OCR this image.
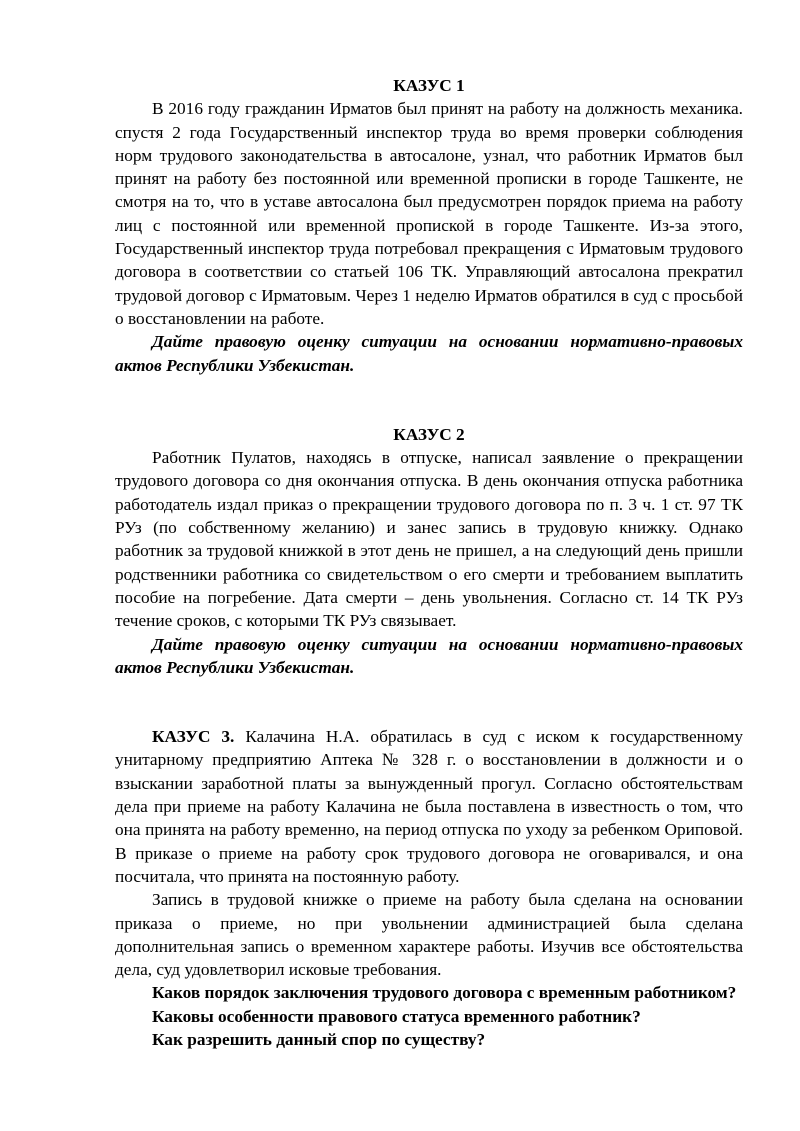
КАЗУС 1

В 2016 году гражданин Ирматов был принят на работу на должность механика. спустя 2 года Государственный инспектор труда во время проверки соблюдения норм трудового законодательства в автосалоне, узнал, что работник Ирматов был принят на работу без постоянной или временной прописки в городе Ташкенте, не смотря на то, что в уставе автосалона был предусмотрен порядок приема на работу лиц с постоянной или временной пропиской в городе Ташкенте. Из-за этого, Государственный инспектор труда потребовал прекращения с Ирматовым трудового договора в соответствии со статьей 106 ТК. Управляющий автосалона прекратил трудовой договор с Ирматовым. Через 1 неделю Ирматов обратился в суд с просьбой о восстановлении на работе.

Дайте правовую оценку ситуации на основании нормативно-правовых актов Республики Узбекистан.

КАЗУС 2

Работник Пулатов, находясь в отпуске, написал заявление о прекращении трудового договора со дня окончания отпуска. В день окончания отпуска работника работодатель издал приказ о прекращении трудового договора по п. 3 ч. 1 ст. 97 ТК РУз (по собственному желанию) и занес запись в трудовую книжку. Однако работник за трудовой книжкой в этот день не пришел, а на следующий день пришли родственники работника со свидетельством о его смерти и требованием выплатить пособие на погребение. Дата смерти – день увольнения. Согласно ст. 14 ТК РУз течение сроков, с которыми ТК РУз связывает.

Дайте правовую оценку ситуации на основании нормативно-правовых актов Республики Узбекистан.

КАЗУС 3. Калачина Н.А. обратилась в суд с иском к государственному унитарному предприятию Аптека № 328 г. о восстановлении в должности и о взыскании заработной платы за вынужденный прогул. Согласно обстоятельствам дела при приеме на работу Калачина не была поставлена в известность о том, что она принята на работу временно, на период отпуска по уходу за ребенком Ориповой. В приказе о приеме на работу срок трудового договора не оговаривался, и она посчитала, что принята на постоянную работу.

Запись в трудовой книжке о приеме на работу была сделана на основании приказа о приеме, но при увольнении администрацией была сделана дополнительная запись о временном характере работы. Изучив все обстоятельства дела, суд удовлетворил исковые требования.

Каков порядок заключения трудового договора с временным работником?

Каковы особенности правового статуса временного работник?

Как разрешить данный спор по существу?
